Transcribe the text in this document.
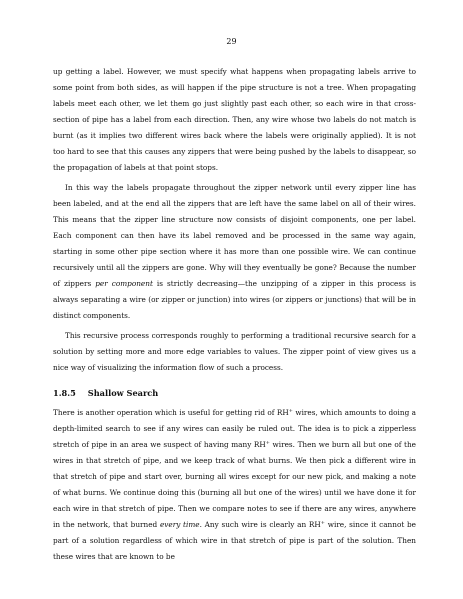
29

up getting a label. However, we must specify what happens when propagating labels arrive to some point from both sides, as will happen if the pipe structure is not a tree. When propagating labels meet each other, we let them go just slightly past each other, so each wire in that cross-section of pipe has a label from each direction. Then, any wire whose two labels do not match is burnt (as it implies two different wires back where the labels were originally applied). It is not too hard to see that this causes any zippers that were being pushed by the labels to disappear, so the propagation of labels at that point stops.

In this way the labels propagate throughout the zipper network until every zipper line has been labeled, and at the end all the zippers that are left have the same label on all of their wires. This means that the zipper line structure now consists of disjoint components, one per label. Each component can then have its label removed and be processed in the same way again, starting in some other pipe section where it has more than one possible wire. We can continue recursively until all the zippers are gone. Why will they eventually be gone? Because the number of zippers per component is strictly decreasing—the unzipping of a zipper in this process is always separating a wire (or zipper or junction) into wires (or zippers or junctions) that will be in distinct components.

This recursive process corresponds roughly to performing a traditional recursive search for a solution by setting more and more edge variables to values. The zipper point of view gives us a nice way of visualizing the information flow of such a process.

1.8.5 Shallow Search

There is another operation which is useful for getting rid of RH+ wires, which amounts to doing a depth-limited search to see if any wires can easily be ruled out. The idea is to pick a zipperless stretch of pipe in an area we suspect of having many RH+ wires. Then we burn all but one of the wires in that stretch of pipe, and we keep track of what burns. We then pick a different wire in that stretch of pipe and start over, burning all wires except for our new pick, and making a note of what burns. We continue doing this (burning all but one of the wires) until we have done it for each wire in that stretch of pipe. Then we compare notes to see if there are any wires, anywhere in the network, that burned every time. Any such wire is clearly an RH+ wire, since it cannot be part of a solution regardless of which wire in that stretch of pipe is part of the solution. Then these wires that are known to be
